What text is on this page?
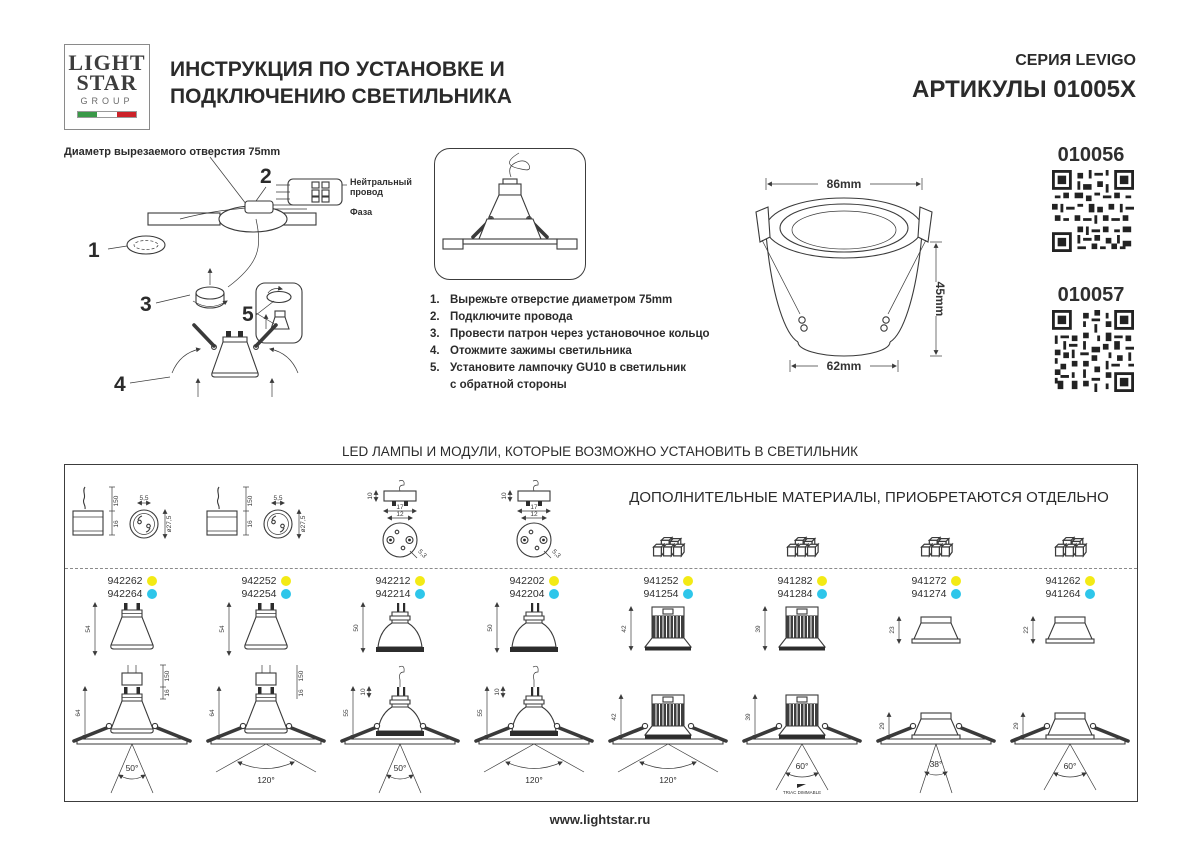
LIGHT
STAR
GROUP
ИНСТРУКЦИЯ ПО УСТАНОВКЕ И
ПОДКЛЮЧЕНИЮ СВЕТИЛЬНИКА
СЕРИЯ LEVIGO
АРТИКУЛЫ 01005X
Диаметр вырезаемого отверстия 75mm
1
2	Нейтральный
провод
Фаза
3	5
4
1. Вырежьте отверстие диаметром 75mm
2. Подключите провода
3. Провести патрон через установочное кольцо
4. Отожмите зажимы светильника
5. Установите лампочку GU10 в светильник
с обратной стороны
86mm
45mm
62mm
010056
010057
LED ЛАМПЫ И МОДУЛИ, КОТОРЫЕ ВОЗМОЖНО УСТАНОВИТЬ В СВЕТИЛЬНИК
ДОПОЛНИТЕЛЬНЫЕ МАТЕРИАЛЫ, ПРИОБРЕТАЮТСЯ ОТДЕЛЬНО
150
16
5,5
ø27,5
942262
942264
54
150
16
64
50°
150
16
5,5
ø27,5
942252
942254
54
150
16
64
120°
10
17
12
5,3
942212
942214
50
10
55
50°
10
17
12
5,3
942202
942204
50
10
55
120°
941252
941254
42
42
120°
941282
941284
39
39
60°
TRIAC DIMMABLE
941272
941274
23
29
38°
941262
941264
22
29
60°
www.lightstar.ru
